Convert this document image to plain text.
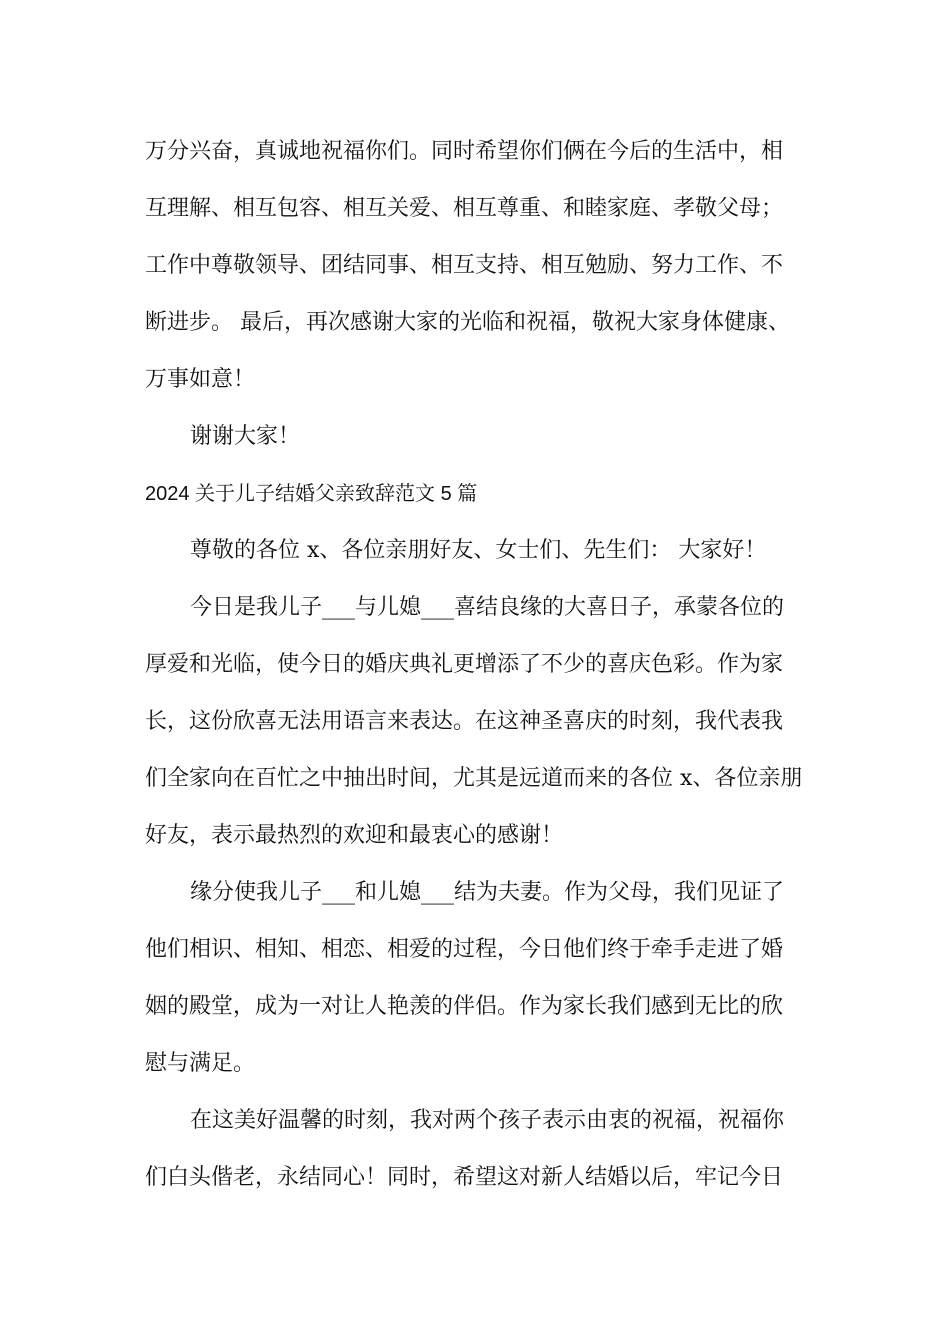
万分兴奋，真诚地祝福你们。同时希望你们俩在今后的生活中，相
互理解、相互包容、相互关爱、相互尊重、和睦家庭、孝敬父母；
工作中尊敬领导、团结同事、相互支持、相互勉励、努力工作、不
断进步。 最后，再次感谢大家的光临和祝福，敬祝大家身体健康、
万事如意！
谢谢大家！
2024 关于儿子结婚父亲致辞范文 5 篇
尊敬的各位 x、各位亲朋好友、女士们、先生们： 大家好！
今日是我儿子___与儿媳___喜结良缘的大喜日子，承蒙各位的
厚爱和光临，使今日的婚庆典礼更增添了不少的喜庆色彩。作为家
长，这份欣喜无法用语言来表达。在这神圣喜庆的时刻，我代表我
们全家向在百忙之中抽出时间，尤其是远道而来的各位 x、各位亲朋
好友，表示最热烈的欢迎和最衷心的感谢！
缘分使我儿子___和儿媳___结为夫妻。作为父母，我们见证了
他们相识、相知、相恋、相爱的过程，今日他们终于牵手走进了婚
姻的殿堂，成为一对让人艳羡的伴侣。作为家长我们感到无比的欣
慰与满足。
在这美好温馨的时刻，我对两个孩子表示由衷的祝福，祝福你
们白头偕老，永结同心！同时，希望这对新人结婚以后，牢记今日
